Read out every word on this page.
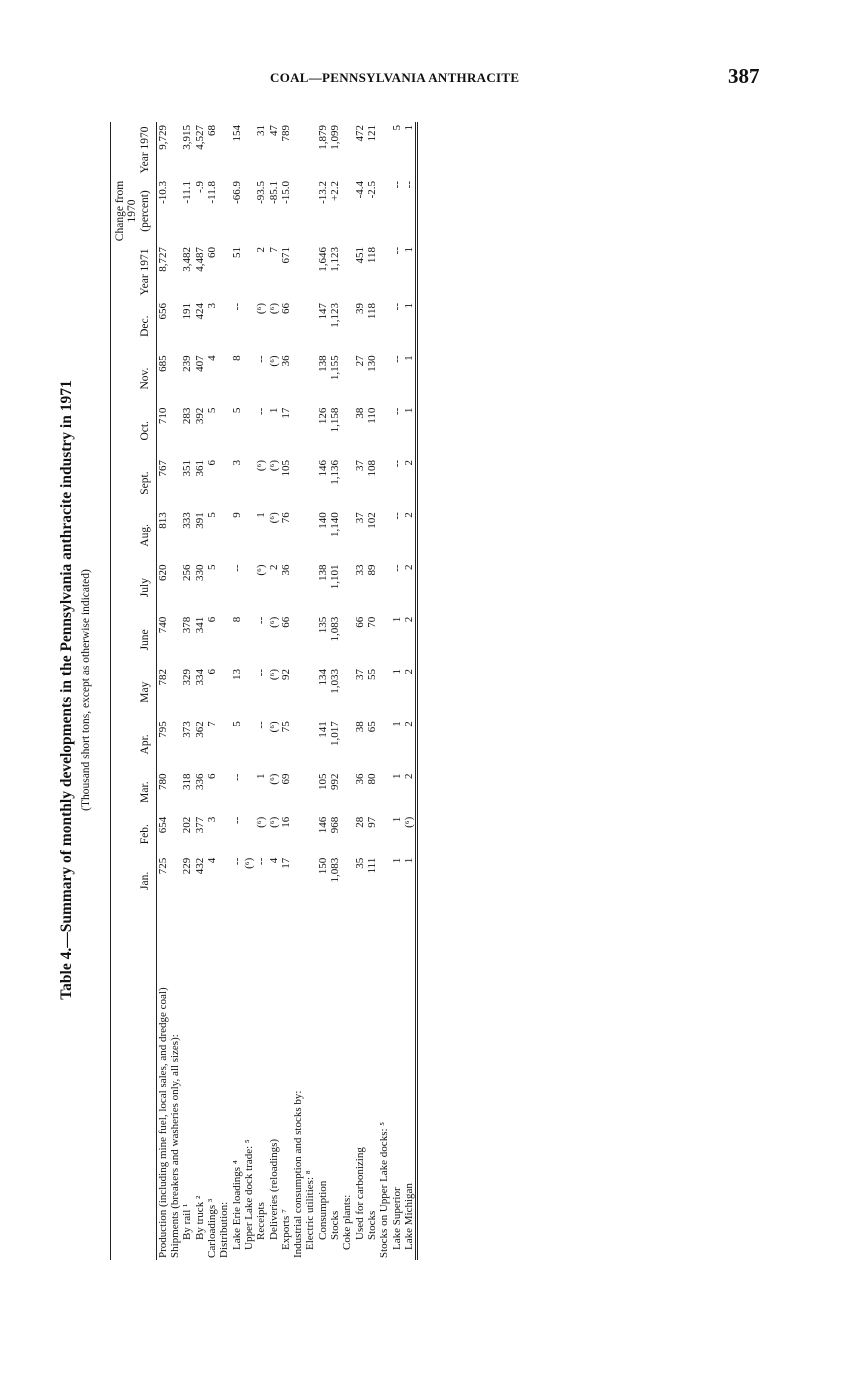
COAL—PENNSYLVANIA ANTHRACITE	387
Table 4.—Summary of monthly developments in the Pennsylvania anthracite industry in 1971 (Thousand short tons, except as otherwise indicated)
	Jan.	Feb.	Mar.	Apr.	May	June	July	Aug.	Sept.	Oct.	Nov.	Dec.	Year 1971	Change from 1970 (percent)	Year 1970
Production (including mine fuel, local sales, and dredge coal)	725	654	780	795	782	740	620	813	767	710	685	656	8,727	-10.3	9,729
Shipments (breakers and washeries only, all sizes):															
By rail ¹	229	202	318	373	329	378	256	333	351	283	239	191	3,482	-11.1	3,915
By truck ²	432	377	336	362	334	341	330	391	361	392	407	424	4,487	-.9	4,527
Carloadings ³	4	3	6	7	6	6	5	5	6	5	4	3	60	-11.8	68
Distribution:															
Lake Erie loadings ⁴	--	--	--	5	13	8	--	9	3	5	8	--	51	-66.9	154
Upper Lake dock trade: ⁵	(⁶)														
Receipts	--	(⁶)	1	--	--	--	(⁶)	1	(⁶)	--	--	(⁶)	2	-93.5	31
Deliveries (reloadings)	4	(⁶)	(⁶)	(⁶)	(⁶)	(⁶)	2	(⁶)	(⁶)	1	(⁶)	(⁶)	7	-85.1	47
Exports ⁷	17	16	69	75	92	66	36	76	105	17	36	66	671	-15.0	789
Industrial consumption and stocks by:															
Electric utilities: ⁸															
Consumption	150	146	105	141	134	135	138	140	146	126	138	147	1,646	-13.2	1,879
Stocks	1,083	968	992	1,017	1,033	1,083	1,101	1,140	1,136	1,158	1,155	1,123	1,123	+2.2	1,099
Coke plants:															
Used for carbonizing	35	28	36	38	37	66	33	37	37	38	27	39	451	-4.4	472
Stocks	111	97	80	65	55	70	89	102	108	110	130	118	118	-2.5	121
Stocks on Upper Lake docks: ⁵															
Lake Superior	1	1	1	1	1	1	--	--	--	--	--	--	--	--	5
Lake Michigan	1	(⁶)	2	2	2	2	2	2	2	1	1	1	1	--	1
